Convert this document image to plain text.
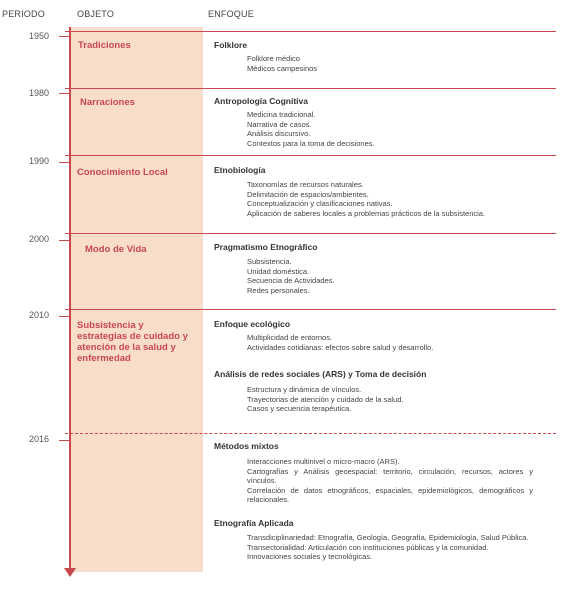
PERIODO	OBJETO	ENFOQUE
1950
1980
1990
2000
2010
2016
Tradiciones
Narraciones
Conocimiento Local
Modo de Vida
Subsistencia y estrategias de cuidado y atención de la salud y enfermedad
Folklore
Folklore médico
Médicos campesinos
Antropología Cognitiva
Medicina tradicional.
Narrativa de casos.
Análisis discursivo.
Contextos para la toma de decisiones.
Etnobiología
Taxonomías de recursos naturales.
Delimitación de espacios/ambientes.
Conceptualización y clasificaciones nativas.
Aplicación de saberes locales a problemas prácticos de la subsistencia.
Pragmatismo Etnográfico
Subsistencia.
Unidad doméstica.
Secuencia de Actividades.
Redes personales.
Enfoque ecológico
Multiplicidad de entornos.
Actividades cotidianas: efectos sobre salud y desarrollo.
Análisis de redes sociales (ARS) y Toma de decisión
Estructura y dinámica de vínculos.
Trayectorias de atención y cuidado de la salud.
Casos y secuencia terapéutica.
Métodos mixtos
Interacciones multinivel o micro-macro (ARS).
Cartografías y Análisis geoespacial: territorio, circulación, recursos, actores y vínculos.
Correlación de datos etnográficos, espaciales, epidemiológicos, demográficos y relacionales.
Etnografía Aplicada
Transdiciplinariedad: Etnografía, Geología, Geografía, Epidemiología, Salud Pública.
Transectorialidad: Articulación con instituciones públicas y la comunidad.
Innovaciones sociales y tecnológicas.
